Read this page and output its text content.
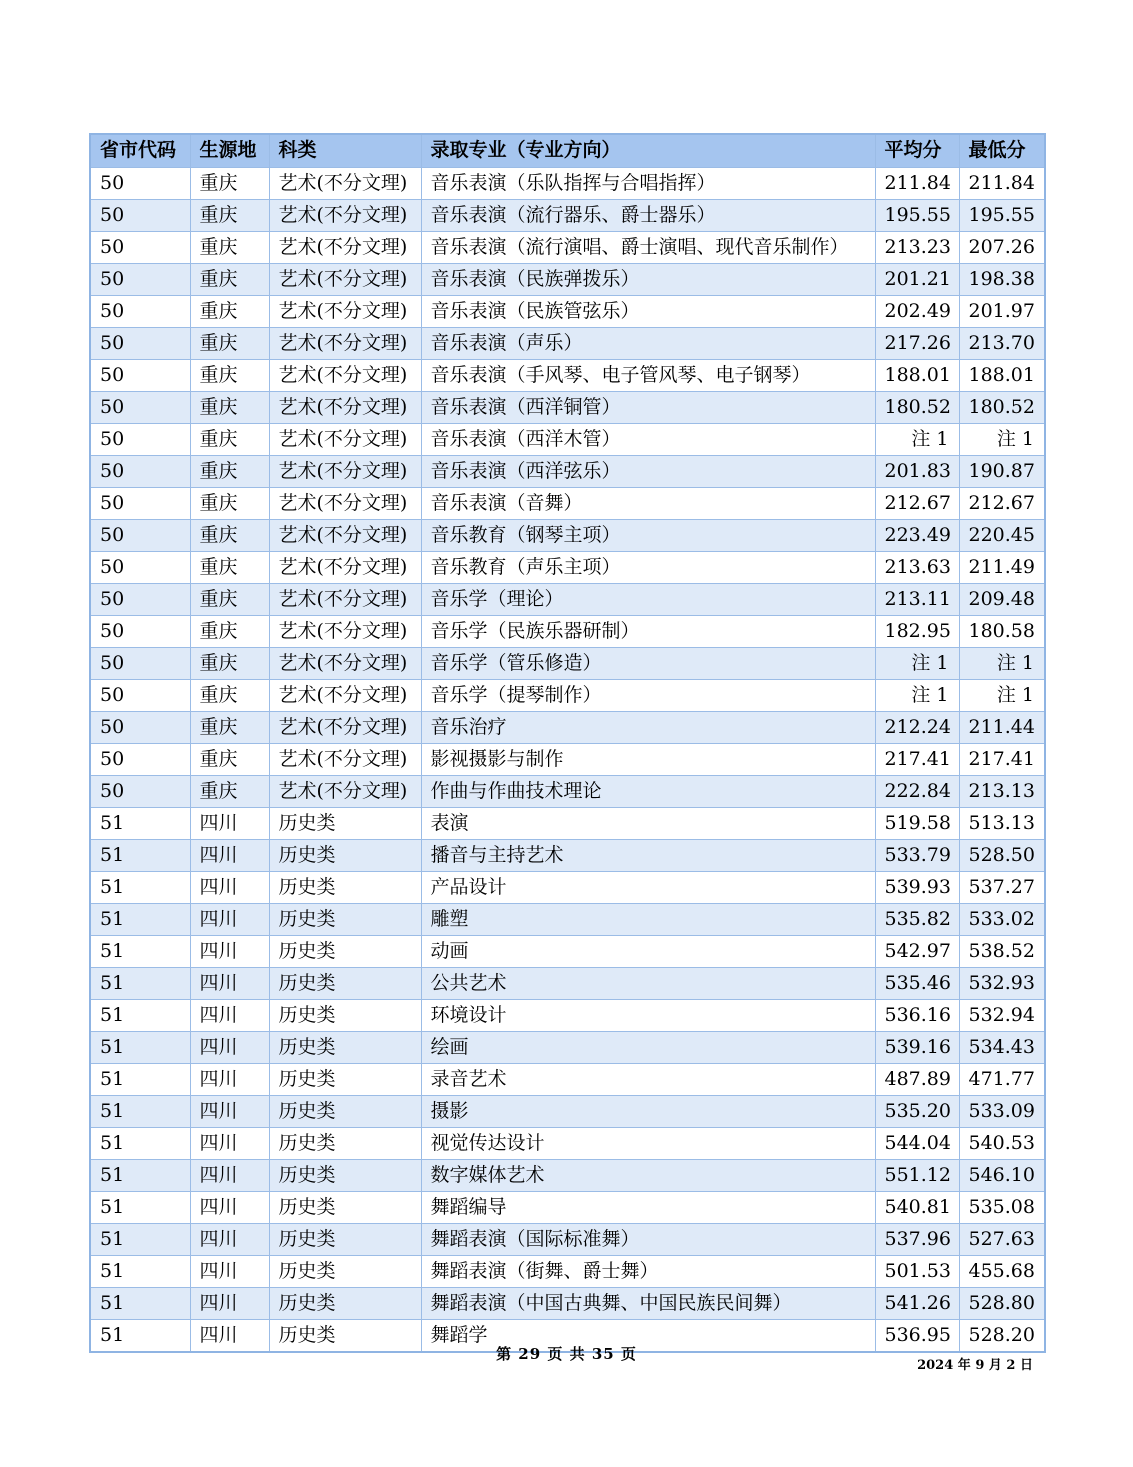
省市代码	生源地	科类	录取专业（专业方向）	平均分	最低分
50	重庆	艺术(不分文理)	音乐表演（乐队指挥与合唱指挥）	211.84	211.84
50	重庆	艺术(不分文理)	音乐表演（流行器乐、爵士器乐）	195.55	195.55
50	重庆	艺术(不分文理)	音乐表演（流行演唱、爵士演唱、现代音乐制作）	213.23	207.26
50	重庆	艺术(不分文理)	音乐表演（民族弹拨乐）	201.21	198.38
50	重庆	艺术(不分文理)	音乐表演（民族管弦乐）	202.49	201.97
50	重庆	艺术(不分文理)	音乐表演（声乐）	217.26	213.70
50	重庆	艺术(不分文理)	音乐表演（手风琴、电子管风琴、电子钢琴）	188.01	188.01
50	重庆	艺术(不分文理)	音乐表演（西洋铜管）	180.52	180.52
50	重庆	艺术(不分文理)	音乐表演（西洋木管）	注 1	注 1
50	重庆	艺术(不分文理)	音乐表演（西洋弦乐）	201.83	190.87
50	重庆	艺术(不分文理)	音乐表演（音舞）	212.67	212.67
50	重庆	艺术(不分文理)	音乐教育（钢琴主项）	223.49	220.45
50	重庆	艺术(不分文理)	音乐教育（声乐主项）	213.63	211.49
50	重庆	艺术(不分文理)	音乐学（理论）	213.11	209.48
50	重庆	艺术(不分文理)	音乐学（民族乐器研制）	182.95	180.58
50	重庆	艺术(不分文理)	音乐学（管乐修造）	注 1	注 1
50	重庆	艺术(不分文理)	音乐学（提琴制作）	注 1	注 1
50	重庆	艺术(不分文理)	音乐治疗	212.24	211.44
50	重庆	艺术(不分文理)	影视摄影与制作	217.41	217.41
50	重庆	艺术(不分文理)	作曲与作曲技术理论	222.84	213.13
51	四川	历史类	表演	519.58	513.13
51	四川	历史类	播音与主持艺术	533.79	528.50
51	四川	历史类	产品设计	539.93	537.27
51	四川	历史类	雕塑	535.82	533.02
51	四川	历史类	动画	542.97	538.52
51	四川	历史类	公共艺术	535.46	532.93
51	四川	历史类	环境设计	536.16	532.94
51	四川	历史类	绘画	539.16	534.43
51	四川	历史类	录音艺术	487.89	471.77
51	四川	历史类	摄影	535.20	533.09
51	四川	历史类	视觉传达设计	544.04	540.53
51	四川	历史类	数字媒体艺术	551.12	546.10
51	四川	历史类	舞蹈编导	540.81	535.08
51	四川	历史类	舞蹈表演（国际标准舞）	537.96	527.63
51	四川	历史类	舞蹈表演（街舞、爵士舞）	501.53	455.68
51	四川	历史类	舞蹈表演（中国古典舞、中国民族民间舞）	541.26	528.80
51	四川	历史类	舞蹈学	536.95	528.20
第 29 页 共 35 页
2024 年 9 月 2 日
